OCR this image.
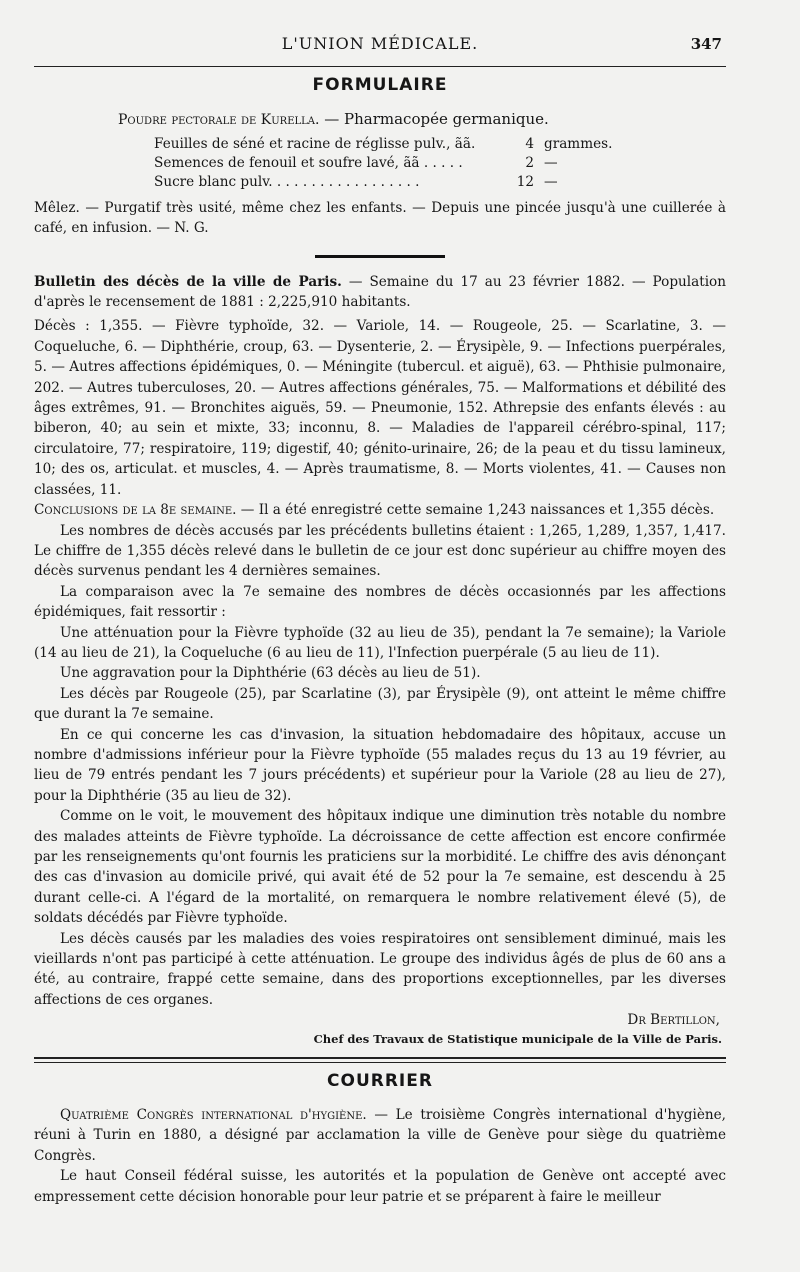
L'UNION MÉDICALE.	347
FORMULAIRE
Poudre pectorale de Kurella. — Pharmacopée germanique.
Feuilles de séné et racine de réglisse pulv., ãã.	4 grammes.
Semences de fenouil et soufre lavé, ãã . . . . .	2 —
Sucre blanc pulv. . . . . . . . . . . . . . . . . .	12 —

Mêlez. — Purgatif très usité, même chez les enfants. — Depuis une pincée jusqu'à une cuillerée à café, en infusion. — N. G.

Bulletin des décès de la ville de Paris. — Semaine du 17 au 23 février 1882. — Population d'après le recensement de 1881 : 2,225,910 habitants.

Décès : 1,355. — Fièvre typhoïde, 32. — Variole, 14. — Rougeole, 25. — Scarlatine, 3. — Coqueluche, 6. — Diphthérie, croup, 63. — Dysenterie, 2. — Érysipèle, 9. — Infections puerpérales, 5. — Autres affections épidémiques, 0. — Méningite (tubercul. et aiguë), 63. — Phthisie pulmonaire, 202. — Autres tuberculoses, 20. — Autres affections générales, 75. — Malformations et débilité des âges extrêmes, 91. — Bronchites aiguës, 59. — Pneumonie, 152. Athrepsie des enfants élevés : au biberon, 40; au sein et mixte, 33; inconnu, 8. — Maladies de l'appareil cérébro-spinal, 117; circulatoire, 77; respiratoire, 119; digestif, 40; génito-urinaire, 26; de la peau et du tissu lamineux, 10; des os, articulat. et muscles, 4. — Après traumatisme, 8. — Morts violentes, 41. — Causes non classées, 11.

Conclusions de la 8e semaine. — Il a été enregistré cette semaine 1,243 naissances et 1,355 décès.

Les nombres de décès accusés par les précédents bulletins étaient : 1,265, 1,289, 1,357, 1,417. Le chiffre de 1,355 décès relevé dans le bulletin de ce jour est donc supérieur au chiffre moyen des décès survenus pendant les 4 dernières semaines.

La comparaison avec la 7e semaine des nombres de décès occasionnés par les affections épidémiques, fait ressortir :

Une atténuation pour la Fièvre typhoïde (32 au lieu de 35), pendant la 7e semaine); la Variole (14 au lieu de 21), la Coqueluche (6 au lieu de 11), l'Infection puerpérale (5 au lieu de 11).

Une aggravation pour la Diphthérie (63 décès au lieu de 51).

Les décès par Rougeole (25), par Scarlatine (3), par Érysipèle (9), ont atteint le même chiffre que durant la 7e semaine.

En ce qui concerne les cas d'invasion, la situation hebdomadaire des hôpitaux, accuse un nombre d'admissions inférieur pour la Fièvre typhoïde (55 malades reçus du 13 au 19 février, au lieu de 79 entrés pendant les 7 jours précédents) et supérieur pour la Variole (28 au lieu de 27), pour la Diphthérie (35 au lieu de 32).

Comme on le voit, le mouvement des hôpitaux indique une diminution très notable du nombre des malades atteints de Fièvre typhoïde. La décroissance de cette affection est encore confirmée par les renseignements qu'ont fournis les praticiens sur la morbidité. Le chiffre des avis dénonçant des cas d'invasion au domicile privé, qui avait été de 52 pour la 7e semaine, est descendu à 25 durant celle-ci. A l'égard de la mortalité, on remarquera le nombre relativement élevé (5), de soldats décédés par Fièvre typhoïde.

Les décès causés par les maladies des voies respiratoires ont sensiblement diminué, mais les vieillards n'ont pas participé à cette atténuation. Le groupe des individus âgés de plus de 60 ans a été, au contraire, frappé cette semaine, dans des proportions exceptionnelles, par les diverses affections de ces organes.

Dr Bertillon,

Chef des Travaux de Statistique municipale de la Ville de Paris.

COURRIER

Quatrième Congrès international d'hygiène. — Le troisième Congrès international d'hygiène, réuni à Turin en 1880, a désigné par acclamation la ville de Genève pour siège du quatrième Congrès.

Le haut Conseil fédéral suisse, les autorités et la population de Genève ont accepté avec empressement cette décision honorable pour leur patrie et se préparent à faire le meilleur
